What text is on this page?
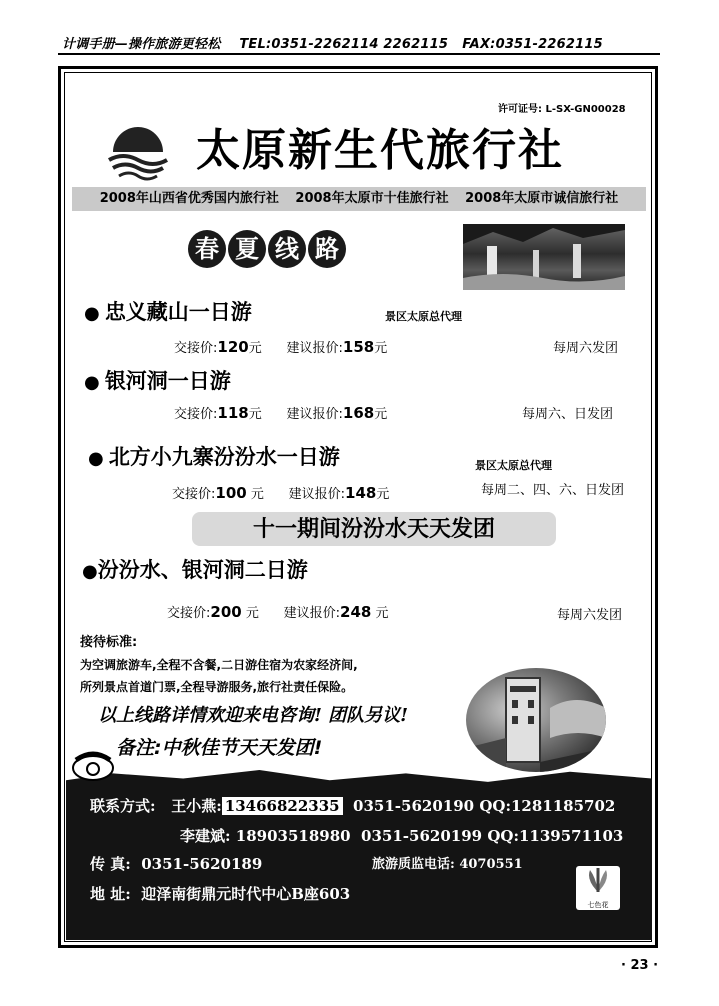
计调手册—操作旅游更轻松 TEL:0351-2262114 2262115 FAX:0351-2262115
许可证号: L-SX-GN00028
太原新生代旅行社
2008年山西省优秀国内旅行社 2008年太原市十佳旅行社 2008年太原市诚信旅行社
春 夏 线 路
● 忠义藏山一日游	景区太原总代理
交接价:120元 建议报价:158元	每周六发团
● 银河洞一日游
交接价:118元 建议报价:168元	每周六、日发团
● 北方小九寨汾汾水一日游	景区太原总代理
交接价:100 元 建议报价:148元	每周二、四、六、日发团
十一期间汾汾水天天发团
●汾汾水、银河洞二日游
交接价:200 元 建议报价:248 元	每周六发团
接待标准:
为空调旅游车,全程不含餐,二日游住宿为农家经济间,
所列景点首道门票,全程导游服务,旅行社责任保险。
以上线路详情欢迎来电咨询! 团队另议!
备注:中秋佳节天天发团!
联系方式: 王小燕: 13466822335 0351-5620190 QQ:1281185702
李建斌: 18903518980 0351-5620199 QQ:1139571103
传 真: 0351-5620189	旅游质监电话: 4070551
地 址: 迎泽南街鼎元时代中心B座603
七色花
· 23 ·
